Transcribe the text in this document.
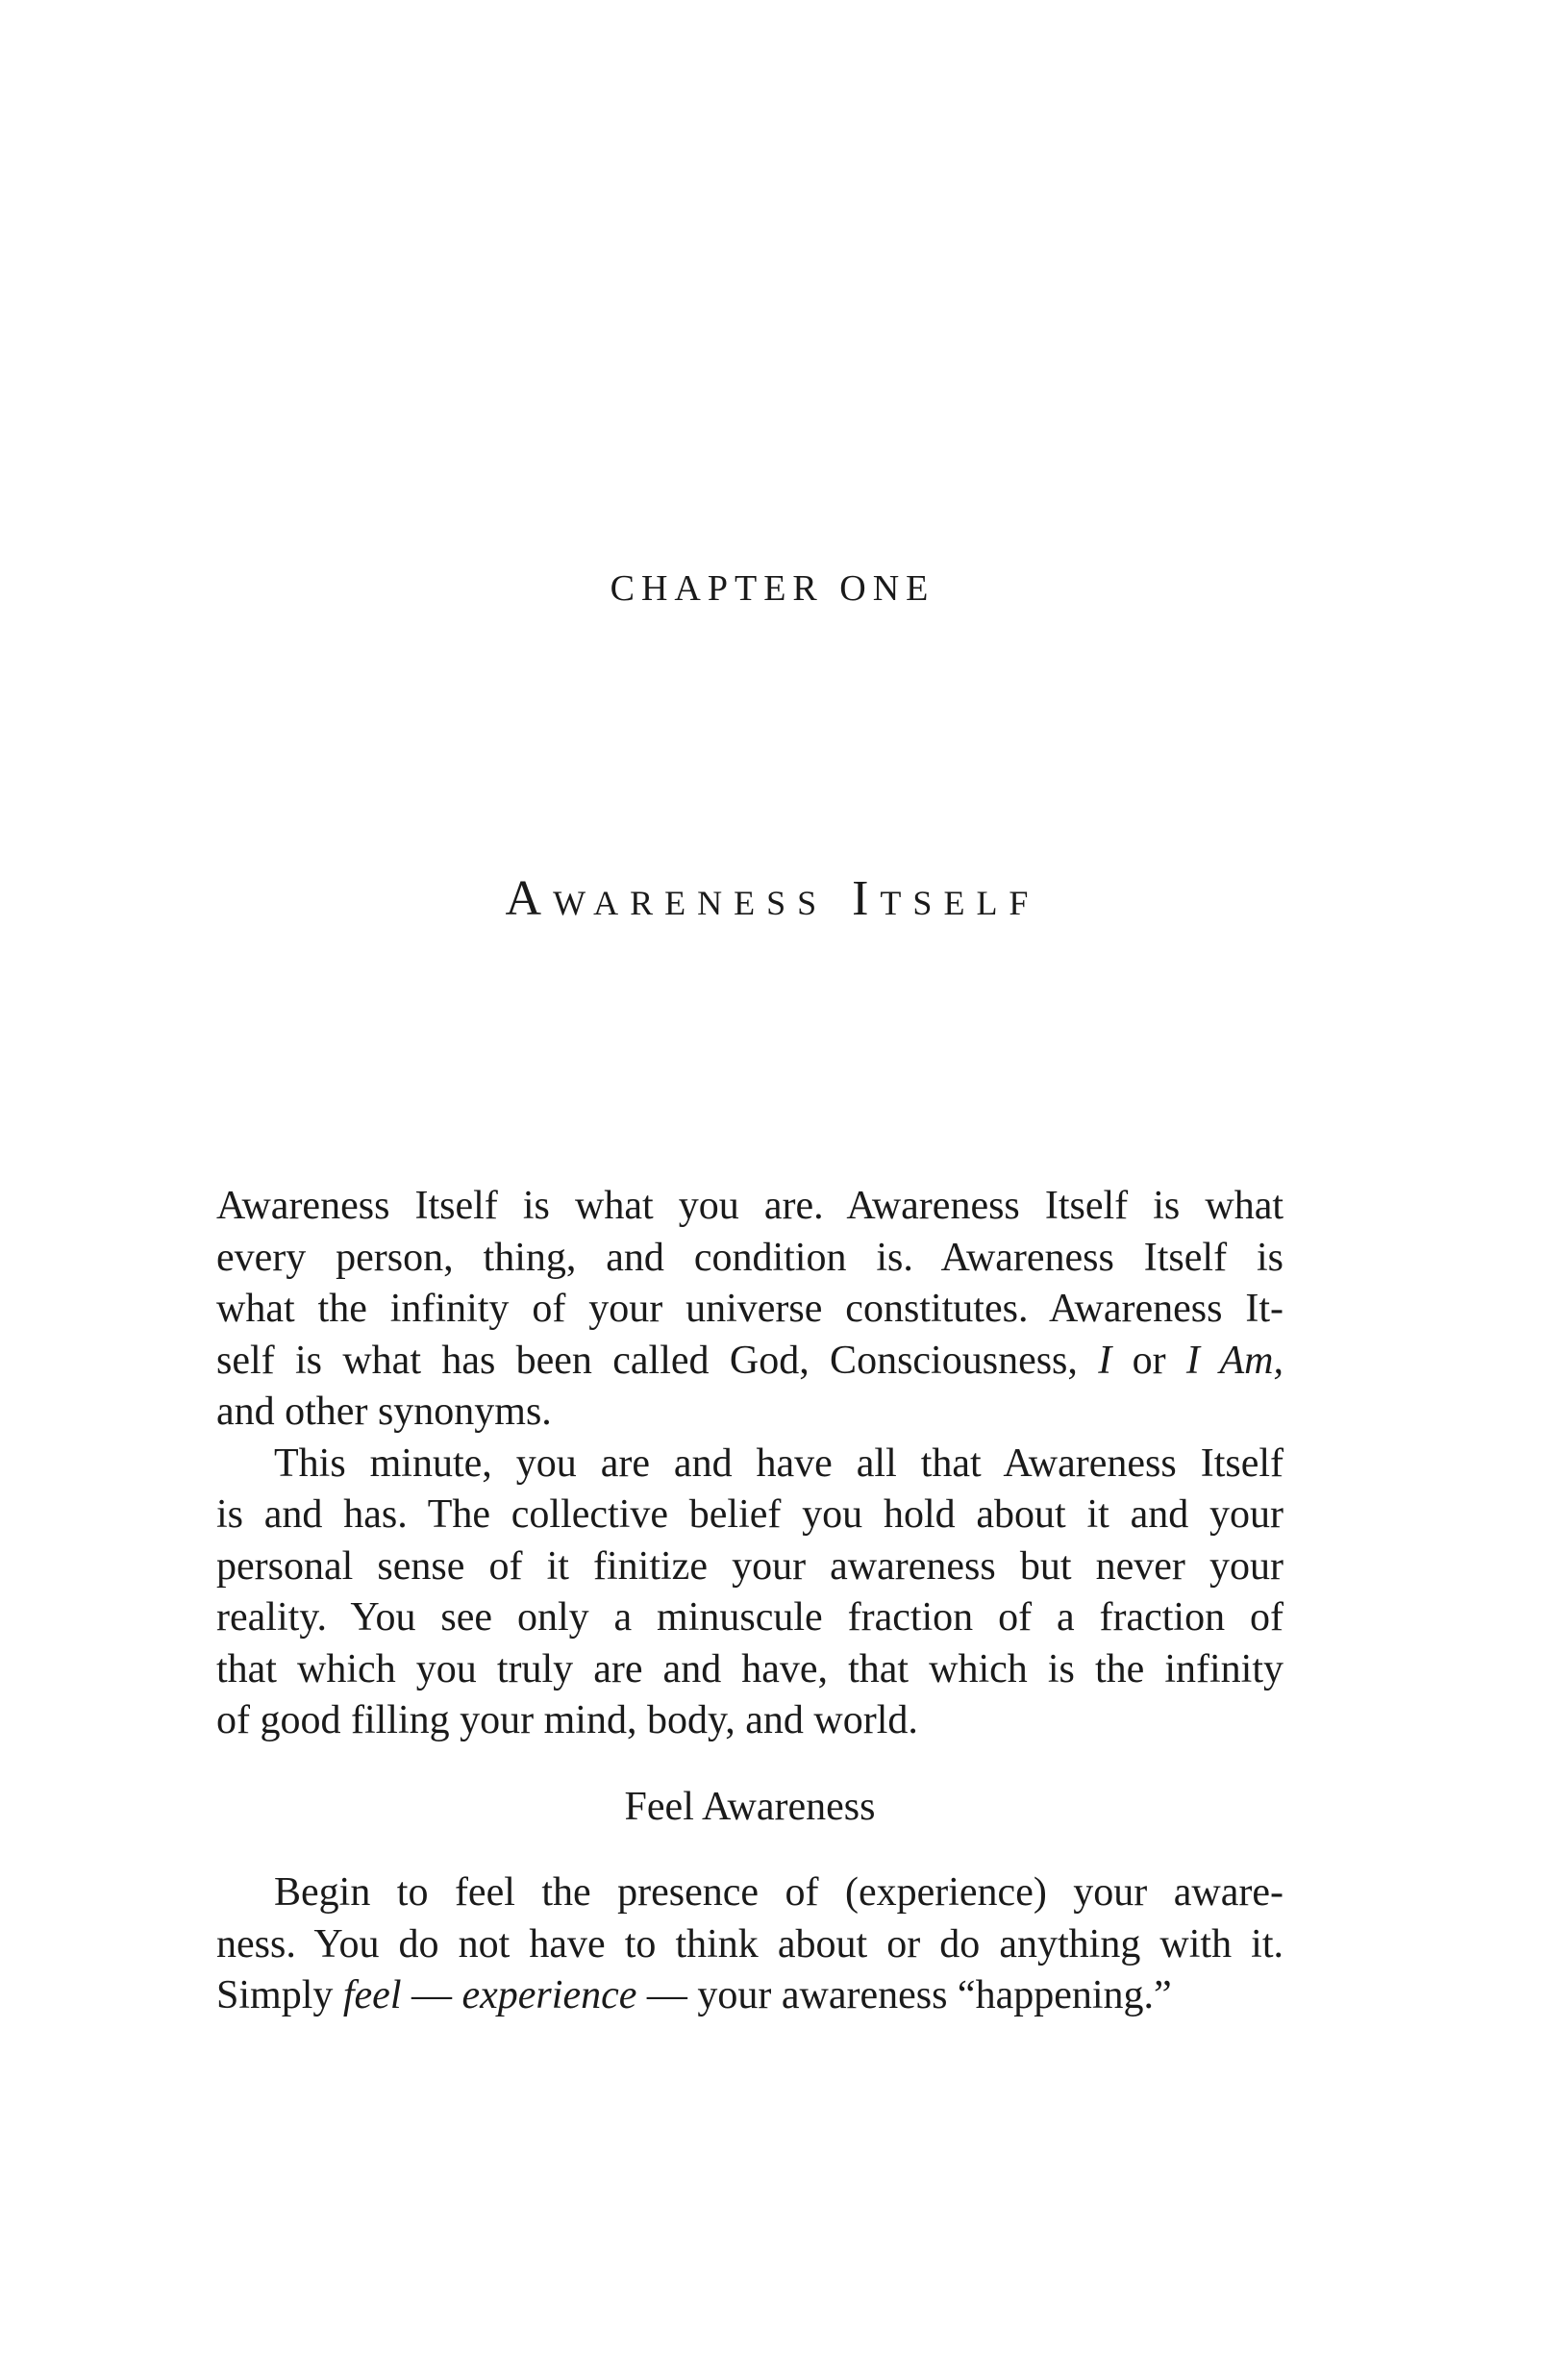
CHAPTER ONE
Awareness Itself

Awareness Itself is what you are. Awareness Itself is what
every person, thing, and condition is. Awareness Itself is
what the infinity of your universe constitutes. Awareness It-
self is what has been called God, Consciousness, I or I Am,
and other synonyms.

This minute, you are and have all that Awareness Itself
is and has. The collective belief you hold about it and your
personal sense of it finitize your awareness but never your
reality. You see only a minuscule fraction of a fraction of
that which you truly are and have, that which is the infinity
of good filling your mind, body, and world.

Feel Awareness

Begin to feel the presence of (experience) your aware-
ness. You do not have to think about or do anything with it.
Simply feel — experience — your awareness “happening.”
